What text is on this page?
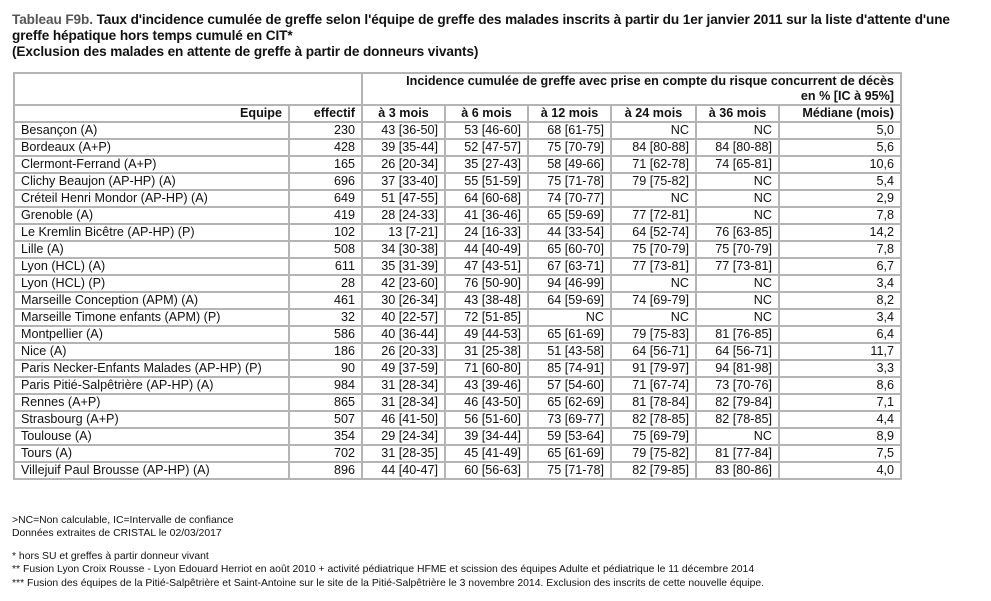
Tableau F9b. Taux d'incidence cumulée de greffe selon l'équipe de greffe des malades inscrits à partir du 1er janvier 2011 sur la liste d'attente d'une greffe hépatique hors temps cumulé en CIT*
(Exclusion des malades en attente de greffe à partir de donneurs vivants)
		Incidence cumulée de greffe avec prise en compte du risque concurrent de décès
en % [IC à 95%]					
Equipe	effectif	à 3 mois	à 6 mois	à 12 mois	à 24 mois	à 36 mois	Médiane (mois)
Besançon (A)	230	43 [36-50]	53 [46-60]	68 [61-75]	NC	NC	5,0
Bordeaux (A+P)	428	39 [35-44]	52 [47-57]	75 [70-79]	84 [80-88]	84 [80-88]	5,6
Clermont-Ferrand (A+P)	165	26 [20-34]	35 [27-43]	58 [49-66]	71 [62-78]	74 [65-81]	10,6
Clichy Beaujon (AP-HP) (A)	696	37 [33-40]	55 [51-59]	75 [71-78]	79 [75-82]	NC	5,4
Créteil Henri Mondor (AP-HP) (A)	649	51 [47-55]	64 [60-68]	74 [70-77]	NC	NC	2,9
Grenoble (A)	419	28 [24-33]	41 [36-46]	65 [59-69]	77 [72-81]	NC	7,8
Le Kremlin Bicêtre (AP-HP) (P)	102	13 [7-21]	24 [16-33]	44 [33-54]	64 [52-74]	76 [63-85]	14,2
Lille (A)	508	34 [30-38]	44 [40-49]	65 [60-70]	75 [70-79]	75 [70-79]	7,8
Lyon (HCL) (A)	611	35 [31-39]	47 [43-51]	67 [63-71]	77 [73-81]	77 [73-81]	6,7
Lyon (HCL) (P)	28	42 [23-60]	76 [50-90]	94 [46-99]	NC	NC	3,4
Marseille Conception (APM) (A)	461	30 [26-34]	43 [38-48]	64 [59-69]	74 [69-79]	NC	8,2
Marseille Timone enfants (APM) (P)	32	40 [22-57]	72 [51-85]	NC	NC	NC	3,4
Montpellier (A)	586	40 [36-44]	49 [44-53]	65 [61-69]	79 [75-83]	81 [76-85]	6,4
Nice (A)	186	26 [20-33]	31 [25-38]	51 [43-58]	64 [56-71]	64 [56-71]	11,7
Paris Necker-Enfants Malades (AP-HP) (P)	90	49 [37-59]	71 [60-80]	85 [74-91]	91 [79-97]	94 [81-98]	3,3
Paris Pitié-Salpêtrière (AP-HP) (A)	984	31 [28-34]	43 [39-46]	57 [54-60]	71 [67-74]	73 [70-76]	8,6
Rennes (A+P)	865	31 [28-34]	46 [43-50]	65 [62-69]	81 [78-84]	82 [79-84]	7,1
Strasbourg (A+P)	507	46 [41-50]	56 [51-60]	73 [69-77]	82 [78-85]	82 [78-85]	4,4
Toulouse (A)	354	29 [24-34]	39 [34-44]	59 [53-64]	75 [69-79]	NC	8,9
Tours (A)	702	31 [28-35]	45 [41-49]	65 [61-69]	79 [75-82]	81 [77-84]	7,5
Villejuif Paul Brousse (AP-HP) (A)	896	44 [40-47]	60 [56-63]	75 [71-78]	82 [79-85]	83 [80-86]	4,0
>NC=Non calculable, IC=Intervalle de confiance
Données extraites de CRISTAL le 02/03/2017
* hors SU et greffes à partir donneur vivant
** Fusion Lyon Croix Rousse - Lyon Edouard Herriot en août 2010 + activité pédiatrique HFME et scission des équipes Adulte et pédiatrique le 11 décembre 2014
*** Fusion des équipes de la Pitié-Salpêtrière et Saint-Antoine sur le site de la Pitié-Salpêtrière le 3 novembre 2014. Exclusion des inscrits de cette nouvelle équipe.
